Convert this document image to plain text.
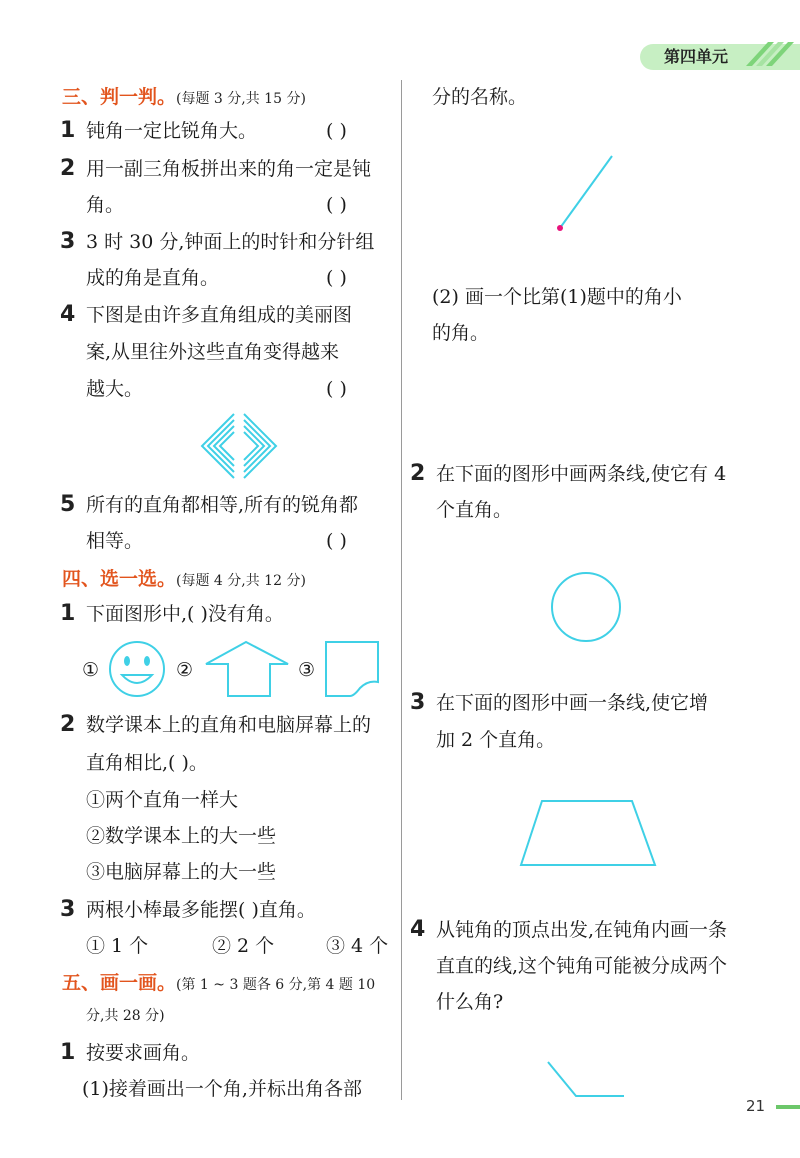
第四单元
三、判一判。(每题 3 分,共 15 分)
1 钝角一定比锐角大。	( )
2 用一副三角板拼出来的角一定是钝
角。	( )
3 3 时 30 分,钟面上的时针和分针组
成的角是直角。	( )
4 下图是由许多直角组成的美丽图
案,从里往外这些直角变得越来
越大。	( )
5 所有的直角都相等,所有的锐角都
相等。	( )
四、选一选。(每题 4 分,共 12 分)
1 下面图形中,( )没有角。
①	②	③
2 数学课本上的直角和电脑屏幕上的
直角相比,( )。
①两个直角一样大
②数学课本上的大一些
③电脑屏幕上的大一些
3 两根小棒最多能摆( )直角。
① 1 个	② 2 个	③ 4 个
五、画一画。(第 1 ~ 3 题各 6 分,第 4 题 10
分,共 28 分)
1 按要求画角。
(1)接着画出一个角,并标出角各部
分的名称。
(2) 画一个比第(1)题中的角小
的角。
2 在下面的图形中画两条线,使它有 4
个直角。
3 在下面的图形中画一条线,使它增
加 2 个直角。
4 从钝角的顶点出发,在钝角内画一条
直直的线,这个钝角可能被分成两个
什么角?
21
